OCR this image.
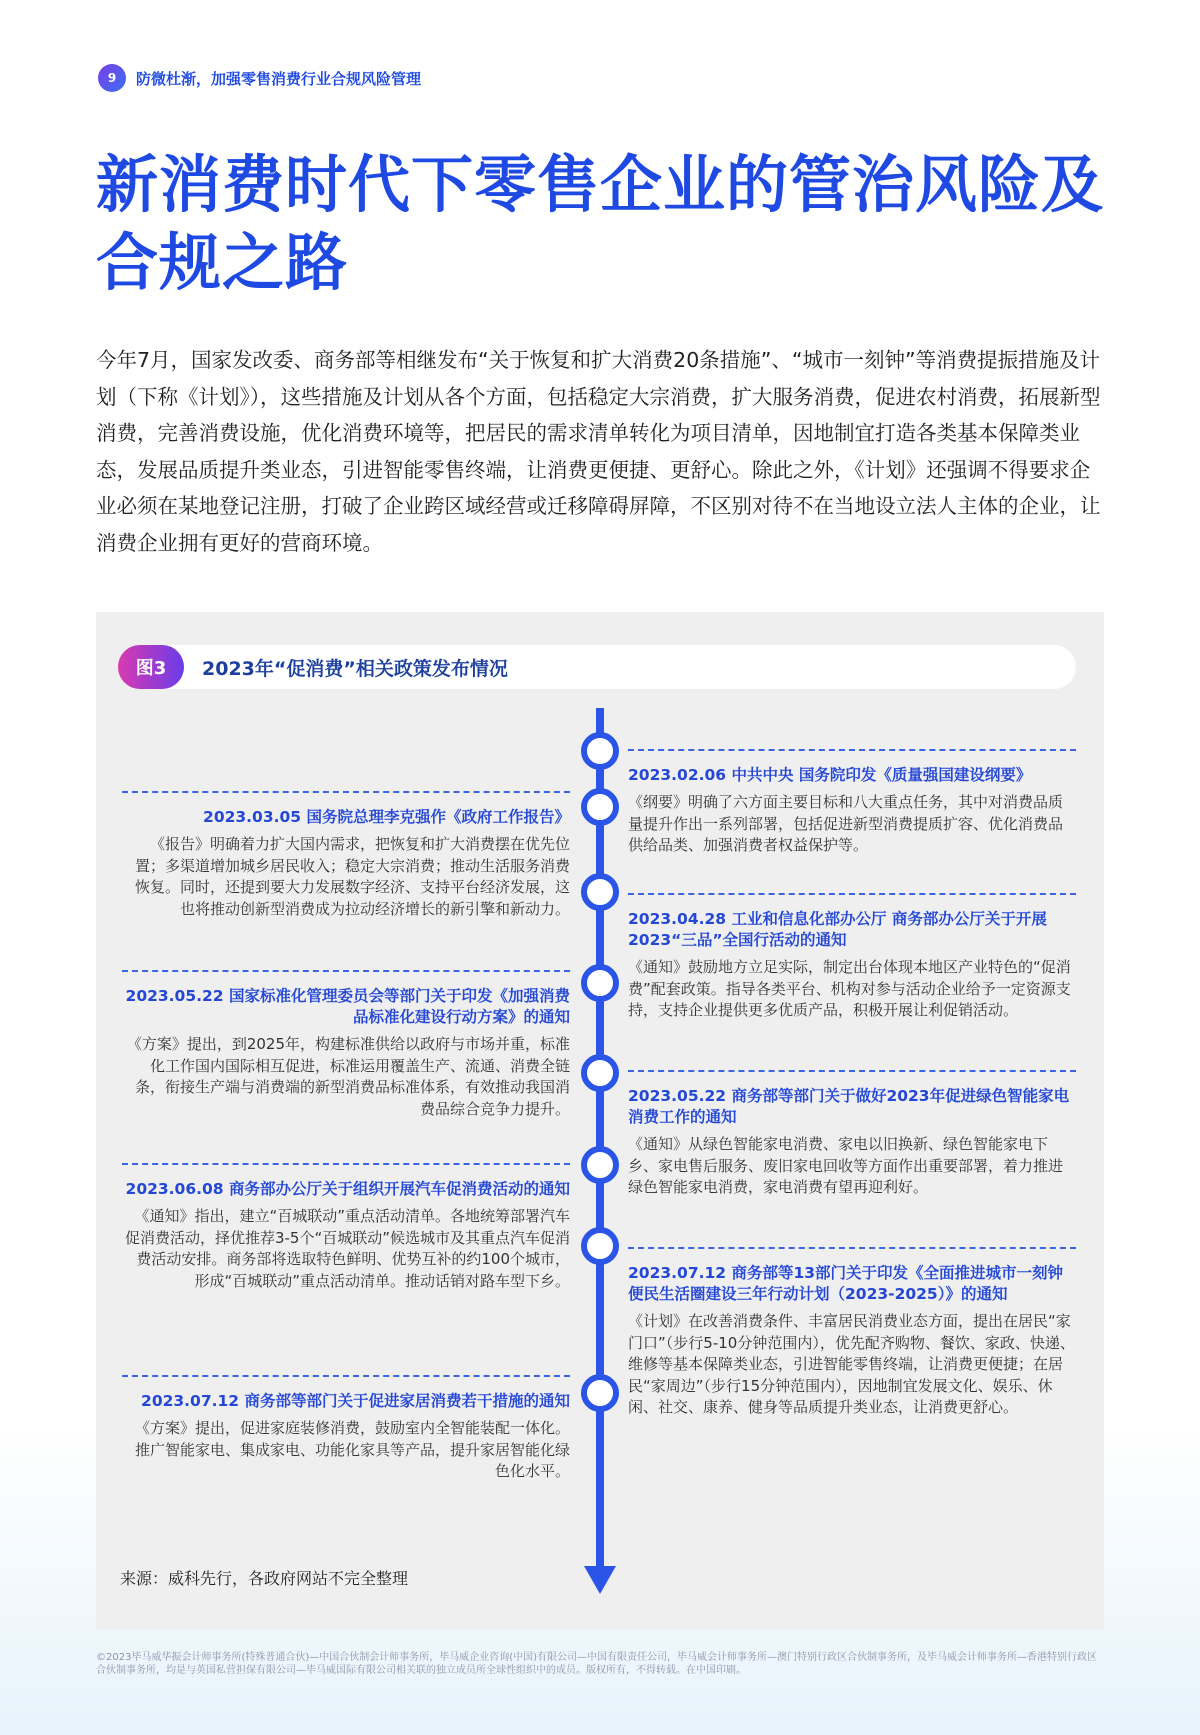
9	防微杜渐，加强零售消费行业合规风险管理
新消费时代下零售企业的管治风险及合规之路

今年7月，国家发改委、商务部等相继发布“关于恢复和扩大消费20条措施”、“城市一刻钟”等消费提振措施及计划（下称《计划》），这些措施及计划从各个方面，包括稳定大宗消费，扩大服务消费，促进农村消费，拓展新型消费，完善消费设施，优化消费环境等，把居民的需求清单转化为项目清单，因地制宜打造各类基本保障类业态，发展品质提升类业态，引进智能零售终端，让消费更便捷、更舒心。除此之外，《计划》还强调不得要求企业必须在某地登记注册，打破了企业跨区域经营或迁移障碍屏障，不区别对待不在当地设立法人主体的企业，让消费企业拥有更好的营商环境。

图3	2023年“促消费”相关政策发布情况
2023.02.06 中共中央 国务院印发《质量强国建设纲要》
《纲要》明确了六方面主要目标和八大重点任务，其中对消费品质量提升作出一系列部署，包括促进新型消费提质扩容、优化消费品供给品类、加强消费者权益保护等。
2023.04.28 工业和信息化部办公厅 商务部办公厅关于开展2023“三品”全国行活动的通知
《通知》鼓励地方立足实际，制定出台体现本地区产业特色的“促消费”配套政策。指导各类平台、机构对参与活动企业给予一定资源支持，支持企业提供更多优质产品，积极开展让利促销活动。
2023.05.22 商务部等部门关于做好2023年促进绿色智能家电消费工作的通知
《通知》从绿色智能家电消费、家电以旧换新、绿色智能家电下乡、家电售后服务、废旧家电回收等方面作出重要部署，着力推进绿色智能家电消费，家电消费有望再迎利好。
2023.07.12 商务部等13部门关于印发《全面推进城市一刻钟便民生活圈建设三年行动计划（2023-2025）》的通知
《计划》在改善消费条件、丰富居民消费业态方面，提出在居民“家门口”（步行5-10分钟范围内），优先配齐购物、餐饮、家政、快递、维修等基本保障类业态，引进智能零售终端，让消费更便捷；在居民“家周边”（步行15分钟范围内），因地制宜发展文化、娱乐、休闲、社交、康养、健身等品质提升类业态，让消费更舒心。
2023.03.05 国务院总理李克强作《政府工作报告》
《报告》明确着力扩大国内需求，把恢复和扩大消费摆在优先位置；多渠道增加城乡居民收入；稳定大宗消费；推动生活服务消费恢复。同时，还提到要大力发展数字经济、支持平台经济发展，这也将推动创新型消费成为拉动经济增长的新引擎和新动力。
2023.05.22 国家标准化管理委员会等部门关于印发《加强消费品标准化建设行动方案》的通知
《方案》提出，到2025年，构建标准供给以政府与市场并重，标准化工作国内国际相互促进，标准运用覆盖生产、流通、消费全链条，衔接生产端与消费端的新型消费品标准体系，有效推动我国消费品综合竞争力提升。
2023.06.08 商务部办公厅关于组织开展汽车促消费活动的通知
《通知》指出，建立“百城联动”重点活动清单。各地统筹部署汽车促消费活动，择优推荐3-5个“百城联动”候选城市及其重点汽车促消费活动安排。商务部将选取特色鲜明、优势互补的约100个城市，形成“百城联动”重点活动清单。推动话销对路车型下乡。
2023.07.12 商务部等部门关于促进家居消费若干措施的通知
《方案》提出，促进家庭装修消费，鼓励室内全智能装配一体化。推广智能家电、集成家电、功能化家具等产品，提升家居智能化绿色化水平。
来源：威科先行，各政府网站不完全整理
©2023毕马威华振会计师事务所(特殊普通合伙)—中国合伙制会计师事务所，毕马威企业咨询(中国)有限公司—中国有限责任公司，毕马威会计师事务所—澳门特别行政区合伙制事务所，及毕马威会计师事务所—香港特别行政区合伙制事务所，均是与英国私营担保有限公司—毕马威国际有限公司相关联的独立成员所全球性组织中的成员。版权所有，不得转载。在中国印刷。
